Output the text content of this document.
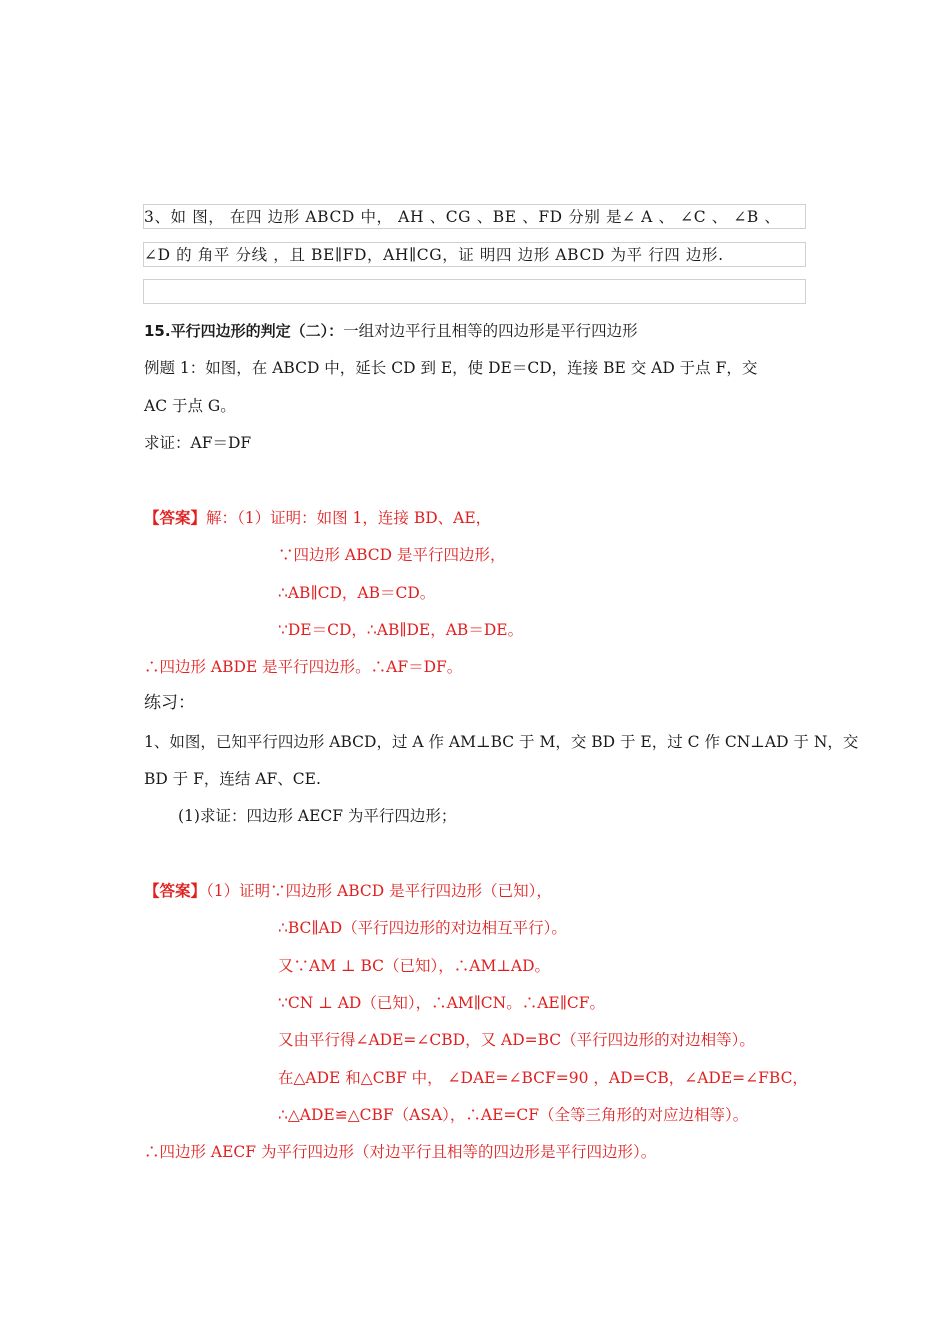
3、如 图， 在四 边形 ABCD 中， AH 、CG 、BE 、FD 分别 是∠ A 、 ∠C 、 ∠B 、
∠D 的 角平 分线 ，且 BE∥FD，AH∥CG，证 明四 边形 ABCD 为平 行四 边形.
15.平行四边形的判定（二）：一组对边平行且相等的四边形是平行四边形
例题 1：如图，在 ABCD 中，延长 CD 到 E，使 DE＝CD，连接 BE 交 AD 于点 F，交
AC 于点 G。
求证：AF＝DF
【答案】解：（1）证明：如图 1，连接 BD、AE，
∵四边形 ABCD 是平行四边形，
∴AB∥CD，AB＝CD。
∵DE＝CD，∴AB∥DE，AB＝DE。
∴四边形 ABDE 是平行四边形。∴AF＝DF。
练习：
1、如图，已知平行四边形 ABCD，过 A 作 AM⊥BC 于 M，交 BD 于 E，过 C 作 CN⊥AD 于 N，交
BD 于 F，连结 AF、CE.
(1)求证：四边形 AECF 为平行四边形；
【答案】（1）证明∵四边形 ABCD 是平行四边形（已知），
∴BC∥AD（平行四边形的对边相互平行）。
又∵AM ⊥ BC（已知），∴AM⊥AD。
∵CN ⊥ AD（已知），∴AM∥CN。∴AE∥CF。
又由平行得∠ADE=∠CBD，又 AD=BC（平行四边形的对边相等）。
在△ADE 和△CBF 中， ∠DAE=∠BCF=90 ，AD=CB，∠ADE=∠FBC，
∴△ADE≌△CBF（ASA），∴AE=CF（全等三角形的对应边相等）。
∴四边形 AECF 为平行四边形（对边平行且相等的四边形是平行四边形）。
